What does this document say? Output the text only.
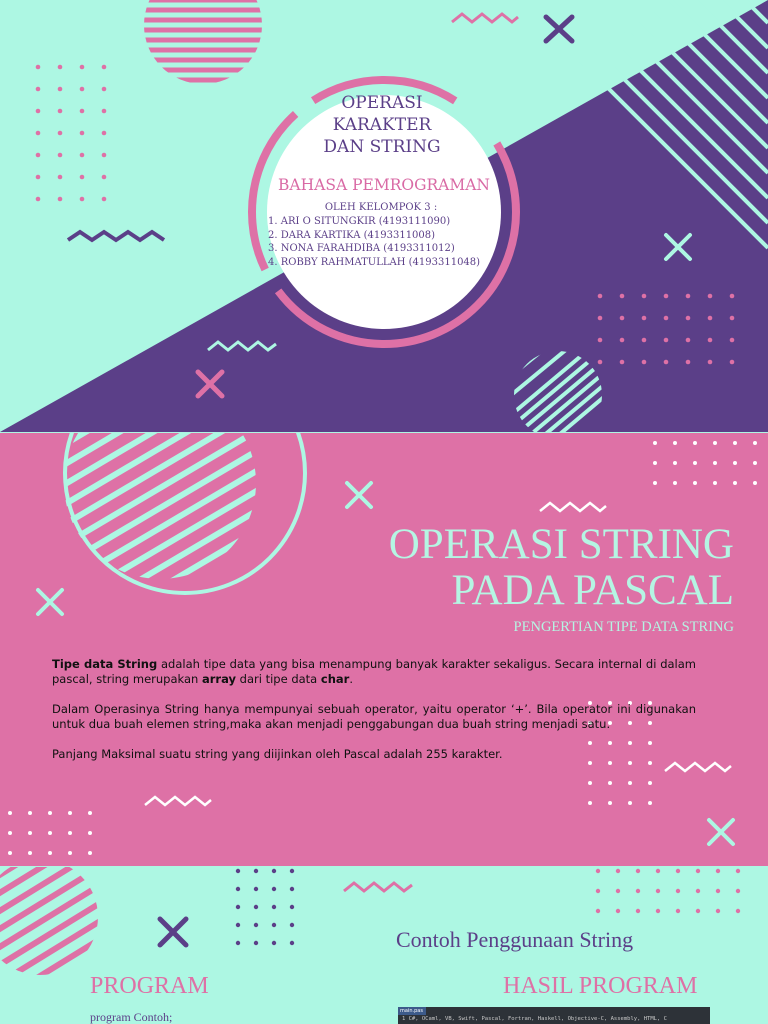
OPERASI
KARAKTER
DAN STRING
BAHASA PEMROGRAMAN
OLEH KELOMPOK 3 :
1. ARI O SITUNGKIR (4193111090)
2. DARA KARTIKA (4193311008)
3. NONA FARAHDIBA (4193311012)
4. ROBBY RAHMATULLAH (4193311048)
OPERASI STRING
PADA PASCAL
PENGERTIAN TIPE DATA STRING

Tipe data String adalah tipe data yang bisa menampung banyak karakter sekaligus. Secara internal di dalam pascal, string merupakan array dari tipe data char.

Dalam Operasinya String hanya mempunyai sebuah operator, yaitu operator ‘+’. Bila operator ini digunakan untuk dua buah elemen string,maka akan menjadi penggabungan dua buah string menjadi satu.

Panjang Maksimal suatu string yang diijinkan oleh Pascal adalah 255 karakter.

Contoh Penggunaan String
PROGRAM	HASIL PROGRAM
program Contoh;	main.pas
1 C#, OCaml, VB, Swift, Pascal, Fortran, Haskell, Objective-C, Assembly, HTML, C
